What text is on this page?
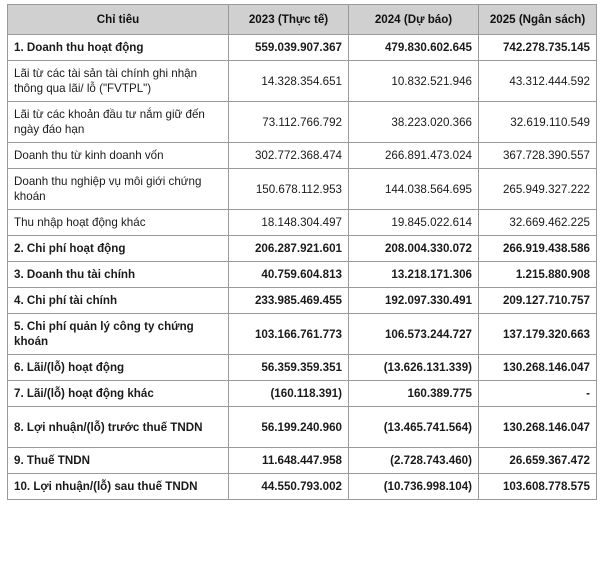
Chỉ tiêu	2023 (Thực tế)	2024 (Dự báo)	2025 (Ngân sách)
1. Doanh thu hoạt động	559.039.907.367	479.830.602.645	742.278.735.145
Lãi từ các tài sản tài chính ghi nhận thông qua lãi/ lỗ ("FVTPL")	14.328.354.651	10.832.521.946	43.312.444.592
Lãi từ các khoản đầu tư nắm giữ đến ngày đáo hạn	73.112.766.792	38.223.020.366	32.619.110.549
Doanh thu từ kinh doanh vốn	302.772.368.474	266.891.473.024	367.728.390.557
Doanh thu nghiệp vụ môi giới chứng khoán	150.678.112.953	144.038.564.695	265.949.327.222
Thu nhập hoạt động khác	18.148.304.497	19.845.022.614	32.669.462.225
2. Chi phí hoạt động	206.287.921.601	208.004.330.072	266.919.438.586
3. Doanh thu tài chính	40.759.604.813	13.218.171.306	1.215.880.908
4. Chi phí tài chính	233.985.469.455	192.097.330.491	209.127.710.757
5. Chi phí quản lý công ty chứng khoán	103.166.761.773	106.573.244.727	137.179.320.663
6. Lãi/(lỗ) hoạt động	56.359.359.351	(13.626.131.339)	130.268.146.047
7. Lãi/(lỗ) hoạt động khác	(160.118.391)	160.389.775	-
8. Lợi nhuận/(lỗ) trước thuế TNDN	56.199.240.960	(13.465.741.564)	130.268.146.047
9. Thuế TNDN	11.648.447.958	(2.728.743.460)	26.659.367.472
10. Lợi nhuận/(lỗ) sau thuế TNDN	44.550.793.002	(10.736.998.104)	103.608.778.575
